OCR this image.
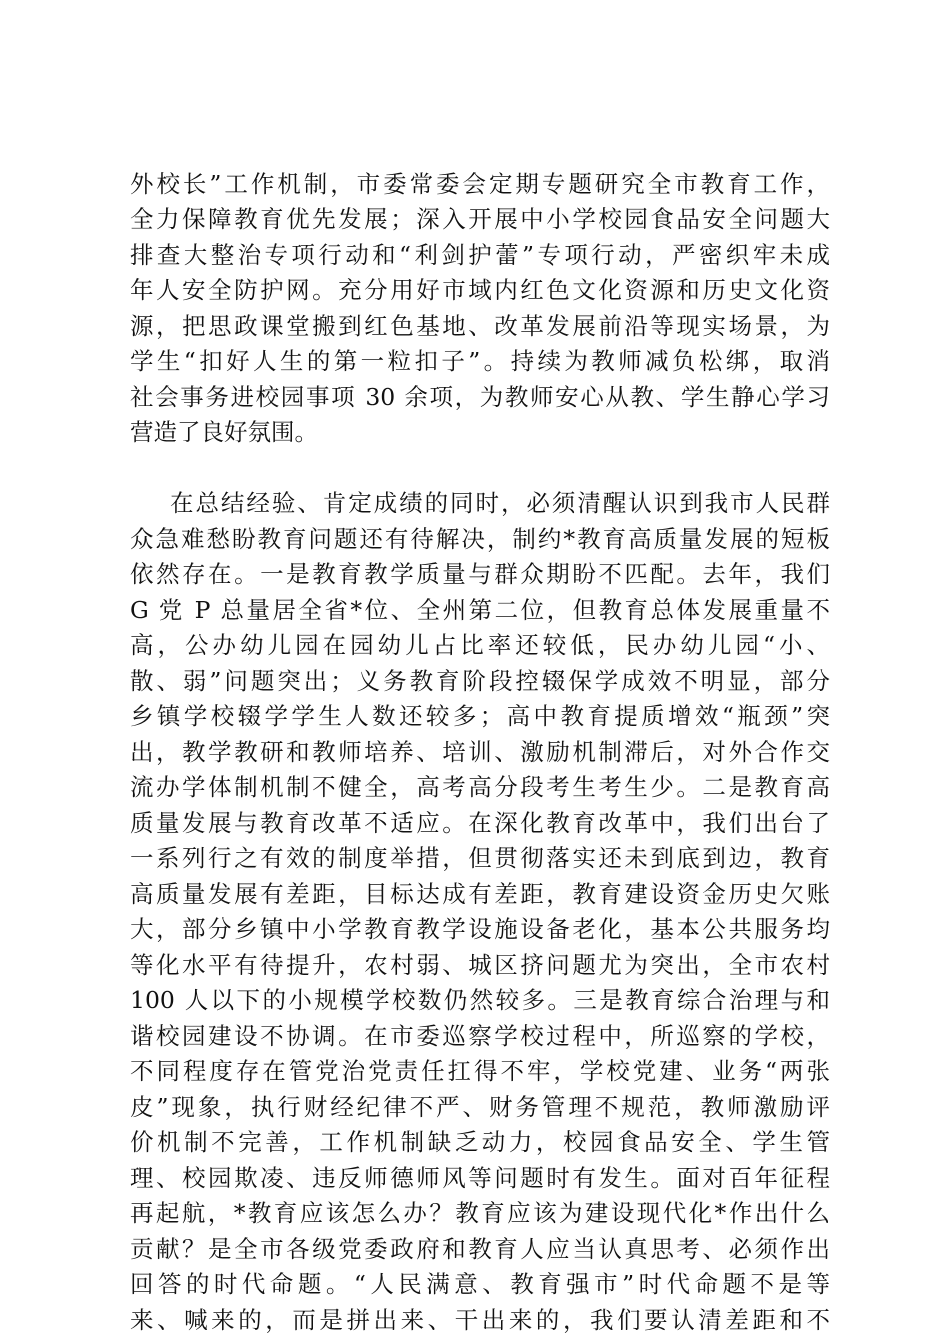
外校长”工作机制，市委常委会定期专题研究全市教育工作，
全力保障教育优先发展；深入开展中小学校园食品安全问题大
排查大整治专项行动和“利剑护蕾”专项行动，严密织牢未成
年人安全防护网。充分用好市域内红色文化资源和历史文化资
源，把思政课堂搬到红色基地、改革发展前沿等现实场景，为
学生“扣好人生的第一粒扣子”。持续为教师减负松绑，取消
社会事务进校园事项 30 余项，为教师安心从教、学生静心学习
营造了良好氛围。
在总结经验、肯定成绩的同时，必须清醒认识到我市人民群
众急难愁盼教育问题还有待解决，制约*教育高质量发展的短板
依然存在。一是教育教学质量与群众期盼不匹配。去年，我们
G 党 P 总量居全省*位、全州第二位，但教育总体发展重量不
高，公办幼儿园在园幼儿占比率还较低，民办幼儿园“小、
散、弱”问题突出；义务教育阶段控辍保学成效不明显，部分
乡镇学校辍学学生人数还较多；高中教育提质增效“瓶颈”突
出，教学教研和教师培养、培训、激励机制滞后，对外合作交
流办学体制机制不健全，高考高分段考生考生少。二是教育高
质量发展与教育改革不适应。在深化教育改革中，我们出台了
一系列行之有效的制度举措，但贯彻落实还未到底到边，教育
高质量发展有差距，目标达成有差距，教育建设资金历史欠账
大，部分乡镇中小学教育教学设施设备老化，基本公共服务均
等化水平有待提升，农村弱、城区挤问题尤为突出，全市农村
100 人以下的小规模学校数仍然较多。三是教育综合治理与和
谐校园建设不协调。在市委巡察学校过程中，所巡察的学校，
不同程度存在管党治党责任扛得不牢，学校党建、业务“两张
皮”现象，执行财经纪律不严、财务管理不规范，教师激励评
价机制不完善，工作机制缺乏动力，校园食品安全、学生管
理、校园欺凌、违反师德师风等问题时有发生。面对百年征程
再起航，*教育应该怎么办？教育应该为建设现代化*作出什么
贡献？是全市各级党委政府和教育人应当认真思考、必须作出
回答的时代命题。“人民满意、教育强市”时代命题不是等
来、喊来的，而是拼出来、干出来的，我们要认清差距和不
